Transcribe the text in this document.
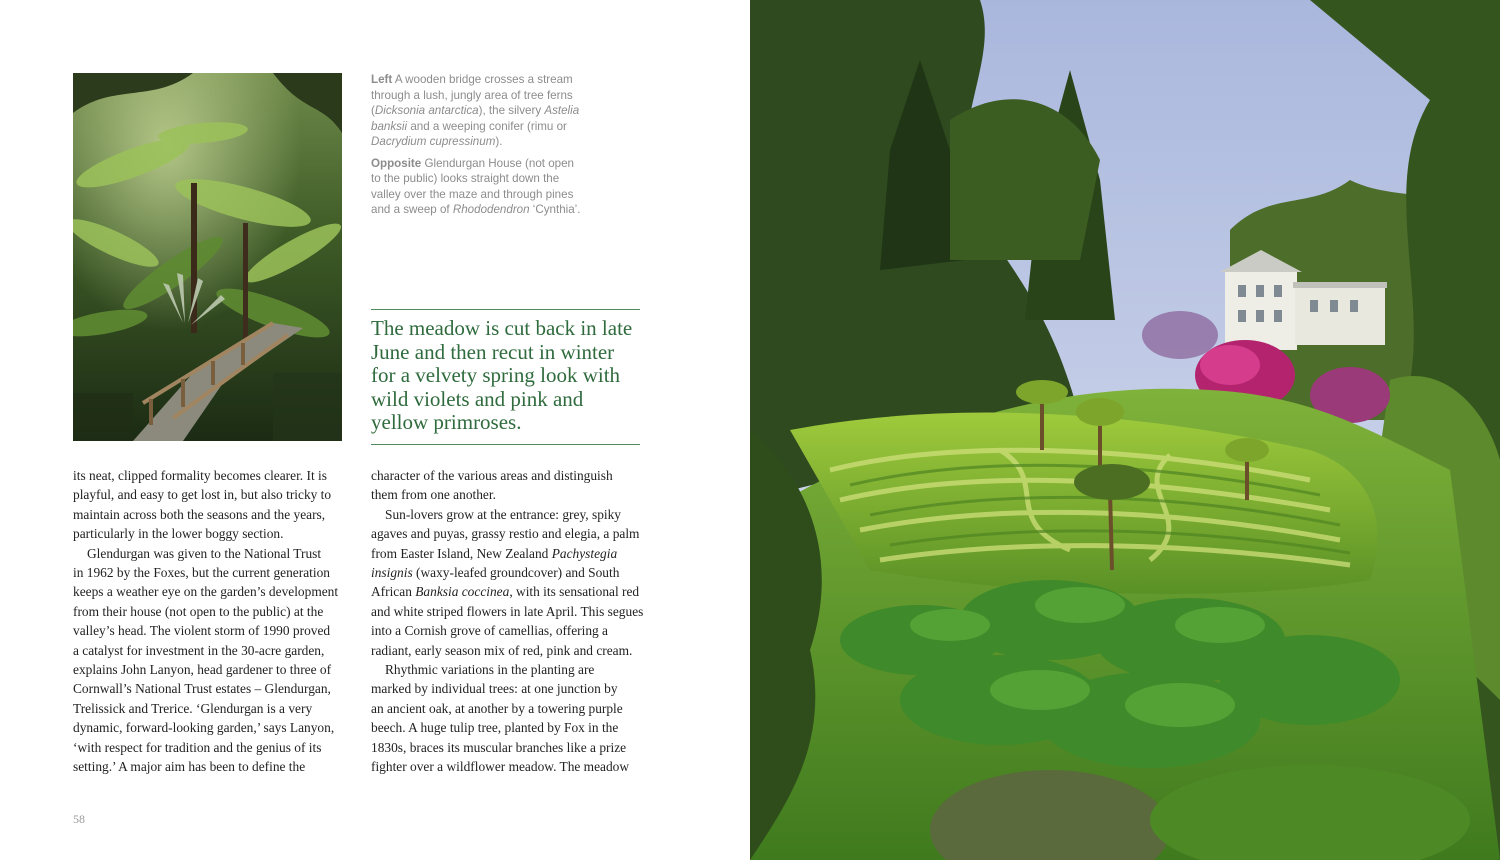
Left A wooden bridge crosses a stream through a lush, jungly area of tree ferns (Dicksonia antarctica), the silvery Astelia banksii and a weeping conifer (rimu or Dacrydium cupressinum).

Opposite Glendurgan House (not open to the public) looks straight down the valley over the maze and through pines and a sweep of Rhododendron ‘Cynthia’.

The meadow is cut back in late June and then recut in winter for a velvety spring look with wild violets and pink and yellow primroses.
its neat, clipped formality becomes clearer. It is
playful, and easy to get lost in, but also tricky to
maintain across both the seasons and the years,
particularly in the lower boggy section.
Glendurgan was given to the National Trust
in 1962 by the Foxes, but the current generation
keeps a weather eye on the garden’s development
from their house (not open to the public) at the
valley’s head. The violent storm of 1990 proved
a catalyst for investment in the 30-acre garden,
explains John Lanyon, head gardener to three of
Cornwall’s National Trust estates – Glendurgan,
Trelissick and Trerice. ‘Glendurgan is a very
dynamic, forward-looking garden,’ says Lanyon,
‘with respect for tradition and the genius of its
setting.’ A major aim has been to define the
character of the various areas and distinguish
them from one another.
Sun-lovers grow at the entrance: grey, spiky
agaves and puyas, grassy restio and elegia, a palm
from Easter Island, New Zealand Pachystegia
insignis (waxy-leafed groundcover) and South
African Banksia coccinea, with its sensational red
and white striped flowers in late April. This segues
into a Cornish grove of camellias, offering a
radiant, early season mix of red, pink and cream.
Rhythmic variations in the planting are
marked by individual trees: at one junction by
an ancient oak, at another by a towering purple
beech. A huge tulip tree, planted by Fox in the
1830s, braces its muscular branches like a prize
fighter over a wildflower meadow. The meadow
58
